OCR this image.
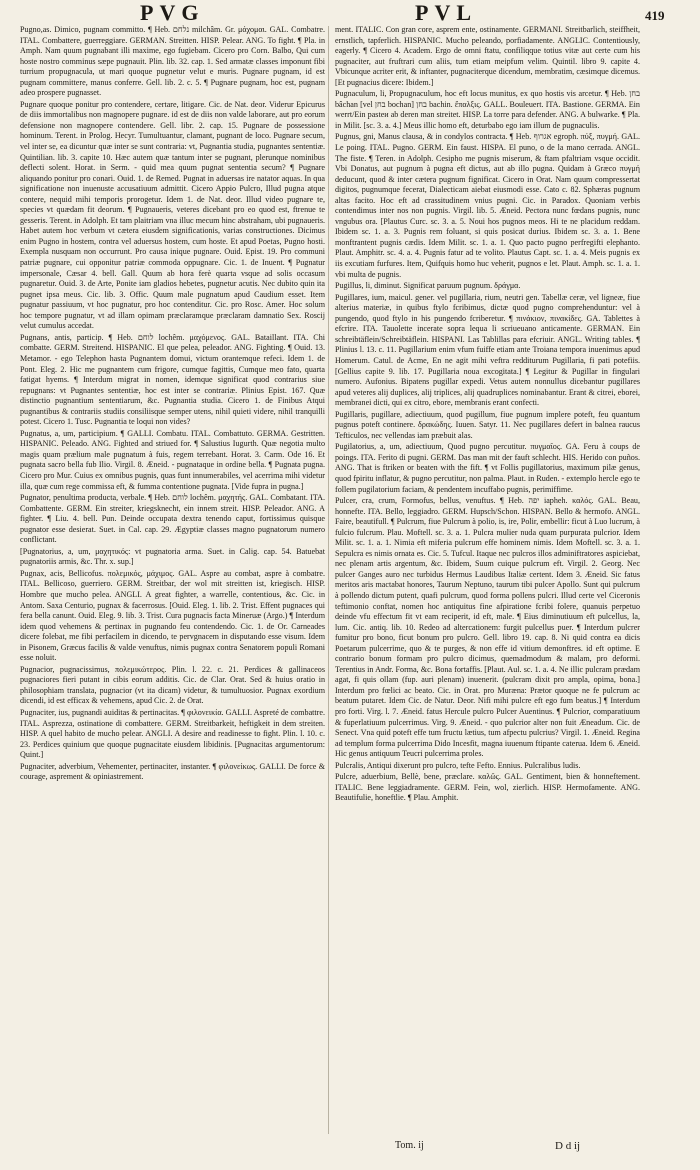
PVG	PVL	419

Pugno,as. Dimico, pugnam committo. ¶ Heb. נלחם milchâm. Gr. μάχομαι. GAL. Combatre. ITAL. Combattere, guerreggiare. GERMAN. Streitten. HISP. Pelear. ANG. To fight. ¶ Pla. in Amph. Nam quum pugnabant illi maxime, ego fugiebam. Cicero pro Corn. Balbo, Qui cum hoste nostro comminus sæpe pugnauit. Plin. lib. 32. cap. 1. Sed armatæ classes imponunt fibi turrium propugnacula, ut mari quoque pugnetur velut e muris. Pugnare pugnam, id est pugnam committere, manus conferre. Gell. lib. 2. c. 5. ¶ Pugnare pugnam, hoc est, pugnam adeo prospere pugnasset.

Pugnare quoque ponitur pro contendere, certare, litigare. Cic. de Nat. deor. Viderur Epicurus de diis immortalibus non magnopere pugnare. id est de diis non valde laborare, aut pro eorum defensione non magnopere contendere. Gell. libr. 2. cap. 15. Pugnare de possessione hominum. Terent. in Prolog. Hecyr. Tumultuantur, clamant, pugnant de loco. Pugnare secum, vel inter se, ea dicuntur quæ inter se sunt contraria: vt, Pugnantia studia, pugnantes sententiæ. Quintilian. lib. 3. capite 10. Hæc autem quæ tantum inter se pugnant, plerunque nominibus deflecti solent. Horat. in Serm. - quid mea quum pugnat sententia secum? ¶ Pugnare aliquando ponitur pro conari. Ouid. 1. de Remed. Pugnat in aduersas ire natator aquas. In qua significatione non inuenuste accusatiuum admittit. Cicero Appio Pulcro, Illud pugna atque contere, nequid mihi temporis prorogetur. Idem 1. de Nat. deor. Illud video pugnare te, species vt quædam fit deorum. ¶ Pugnaueris, veteres dicebant pro eo quod est, ftrenue te gesseris. Terent. in Adolph. Et tam plaitriam vna illuc mecum hinc abstraham, ubi pugnaueris. Habet autem hoc verbum vt cætera eiusdem significationis, varias constructiones. Dicimus enim Pugno in hostem, contra vel aduersus hostem, cum hoste. Et apud Poetas, Pugno hosti. Exempla nusquam non occurrunt. Pro causa inique pugnare. Ouid. Epist. 19. Pro communi patriæ pugnare, cui opponitur patriæ commoda oppugnare. Cic. 1. de Inuent. ¶ Pugnatur impersonale, Cæsar 4. bell. Gall. Quum ab hora ferè quarta vsque ad solis occasum pugnaretur. Ouid. 3. de Arte, Ponite iam gladios hebetes, pugnetur acutis. Nec dubito quin ita pugnet ipsa meus. Cic. lib. 3. Offic. Quum male pugnatum apud Caudium esset. Item pugnatur passiuum, vt hoc pugnatur, pro hoc contenditur. Cic. pro Rosc. Amer. Hoc solum hoc tempore pugnatur, vt ad illam opimam præclaramque præclaram damnatio Sex. Roscij velut cumulus accedat.

Pugnans, antis, particip. ¶ Heb. לוחם lochêm. μαχόμενος. GAL. Bataillant. ITA. Chi combatte. GERM. Streitend. HISPANIC. El que pelea, peleador. ANG. Fighting. ¶ Ouid. 13. Metamor. - ego Telephon hasta Pugnantem domui, victum orantemque refeci. Idem 1. de Pont. Eleg. 2. Hic me pugnantem cum frigore, cumque fagittis, Cumque meo fato, quarta fatigat hyems. ¶ Interdum migrat in nomen, idemque significat quod contrarius siue repugnans: vt Pugnantes sententiæ, hoc est inter se contrariæ. Plinius Epist. 167. Quæ distinctio pugnantium sententiarum, &c. Pugnantia studia. Cicero 1. de Finibus Atqui pugnantibus & contrariis studiis consiliisque semper utens, nihil quieti videre, nihil tranquilli potest. Cicero 1. Tusc. Pugnantia te loqui non vides?

Pugnatus, a, um, participium. ¶ GALLI. Combatu. ITAL. Combattuto. GERMA. Gestritten. HISPANIC. Peleado. ANG. Fighted and striued for. ¶ Salustius Iugurth. Quæ negotia multo magis quam prælium male pugnatum à fuis, regem terrebant. Horat. 3. Carm. Ode 16. Et pugnata sacro bella fub Ilio. Virgil. 8. Æneid. - pugnataque in ordine bella. ¶ Pugnata pugna. Cicero pro Mur. Cuius ex omnibus pugnis, quas funt innumerabiles, vel acerrima mihi videtur illa, quæ cum rege commissa eft, & fumma contentione pugnata. [Vide fupra in pugna.]

Pugnator, penultima producta, verbale. ¶ Heb. לוחם lochêm. μαχητής. GAL. Combatant. ITA. Combattente. GERM. Ein streiter, kriegsknecht, ein innem streit. HISP. Peleador. ANG. A fighter. ¶ Liu. 4. bell. Pun. Deinde occupata dextra tenendo caput, fortissimus quisque pugnator esse desierat. Suet. in Cal. cap. 29. Ægyptiæ classes magno pugnatorum numero conflictant.

[Pugnatorius, a, um, μαχητικός: vt pugnatoria arma. Suet. in Calig. cap. 54. Batuebat pugnatoriis armis, &c. Thr. x. sup.]

Pugnax, acis, Bellicofus. πολεμικός, μάχιμος. GAL. Aspre au combat, aspre à combatre. ITAL. Bellicoso, guerriero. GERM. Streitbar, der wol mit streitten ist, kriegisch. HISP. Hombre que mucho pelea. ANGLI. A great fighter, a warrelle, contentious, &c. Cic. in Antom. Saxa Centurio, pugnax & facerrosus. [Ouid. Eleg. 1. lib. 2. Trist. Effent pugnaces qui fera bella canunt. Ouid. Eleg. 9. lib. 3. Trist. Cura pugnacis facta Mineruæ (Argo.) ¶ Interdum idem quod vehemens & pertinax in pugnando feu contendendo. Cic. 1. de Or. Carneades dicere folebat, me fibi perfacilem in dicendo, te pervgnacem in disputando esse visum. Idem in Pisonem, Græcus facilis & valde venuftus, nimis pugnax contra Senatorem populi Romani esse noluit.

Pugnacior, pugnacissimus, πολεμικώτερος. Plin. l. 22. c. 21. Perdices & gallinaceos pugnaciores fieri putant in cibis eorum additis. Cic. de Clar. Orat. Sed & huius oratio in philosophiam translata, pugnacior (vt ita dicam) videtur, & tumultuosior. Pugnax exordium dicendi, id est efficax & vehemens, apud Cic. 2. de Orat.

Pugnaciter, ius, pugnandi auiditas & pertinacitas. ¶ φιλονεικία. GALLI. Aspreté de combattre. ITAL. Asprezza, ostinatione di combattere. GERM. Streitbarkeit, heftigkeit in dem streiten. HISP. A quel habito de mucho pelear. ANGLI. A desire and readinesse to fight. Plin. l. 10. c. 23. Perdices quinium que quoque pugnacitate eiusdem libidinis. [Pugnacitas argumentorum: Quint.]

Pugnaciter, adverbium, Vehementer, pertinaciter, instanter. ¶ φιλονείκως. GALLI. De force & courage, asprement & opiniastrement.

ment. ITALIC. Con gran core, asprem ente, ostinamente. GERMANI. Streitbarlich, steiffheit, ernstlich, tapferlich. HISPANIC. Mucho peleando, porfiadamente. ANGLIC. Contentiously, eagerly. ¶ Cicero 4. Academ. Ergo de omni ftatu, confiliqque totius vitæ aut certe cum his pugnaciter, aut fruftrari cum aliis, tum etiam meipfum velim. Quintil. libro 9. capite 4. Vbicunque acriter erit, & inftanter, pugnaciterque dicendum, membratim, cæsimque dicemus. [Et pugnacius dicere: Ibidem.]

Pugnaculum, li, Propugnaculum, hoc eft locus munitus, ex quo hostis vis arcetur. ¶ Heb. בחן bâchan [vel בחן bochan] בחן bachin. ἔπαλξις. GALL. Bouleuert. ITA. Bastione. GERMA. Ein werrt/Ein pasteи ab deren man streitet. HISP. La torre para defender. ANG. A bulwarke. ¶ Pla. in Milit. [sc. 3. a. 4.] Meus illic homo eft, deturbabo ego iam illum de pugnaculis.

Pugnus, gni, Manus clausa, & in condylos contracta. ¶ Heb. אגרוף egroph. πύξ, πυγμή. GAL. Le poing. ITAL. Pugno. GERM. Ein faust. HISPA. El puno, o de la mano cerrada. ANGL. The fiste. ¶ Teren. in Adolph. Cesipho me pugnis miserum, & ftam pfaltriam vsque occidit. Vbi Donatus, aut pugnum à pugna eft dictus, aut ab illo pugna. Quidam à Græco πυγμή deducunt, quod & inter cætera pugnum fignificat. Cicero in Orat. Nam quum compressertat digitos, pugnumque fecerat, Dialecticam aiebat eiusmodi esse. Cato c. 82. Sphæras pugnum altas facito. Hoc eft ad crassitudinem vnius pugni. Cic. in Paradox. Quoniam verbis contendimus inter nos non pugnis. Virgil. lib. 5. Æneid. Pectora nunc fœdans pugnis, nunc vngubus ora. [Plautus Curc. sc. 3. a. 5. Noui hos pugnos meos. Hi te ne placidum reddam. Ibidem sc. 1. a. 3. Pugnis rem foluant, si quis posicat durius. Ibidem sc. 3. a. 1. Bene monftrantent pugnis cædis. Idem Milit. sc. 1. a. 1. Quo pacto pugno perfregifti elephanto. Plaut. Amphitr. sc. 4. a. 4. Pugnis fatur ad te volito. Plautus Capt. sc. 1. a. 4. Meis pugnis ex iis excutiam furfures. Item, Quifquis homo huc veherit, pugnos e let. Plaut. Amph. sc. 1. a. 1. vbi multa de pugnis.

Pugillus, li, diminut. Significat paruum pugnum. δράγμα.

Pugillares, ium, maicul. gener. vel pugillaria, rium, neutri gen. Tabellæ ceræ, vel ligneæ, fiue alterius materiæ, in quibus ftylo fcribimus, dictæ quod pugno comprehenduntur: vel à pungendo, quod ftylo in his pungendo fcriberetur. ¶ πινάκιον, πινακίδες. GA. Tablettes à efcrire. ITA. Tauolette incerate sopra lequa li scriueuano anticamente. GERMAN. Ein schreibtäflein/Schreibtäflein. HISPANI. Las Tablillas para efcriuir. ANGL. Writing tables. ¶ Plinius l. 13. c. 11. Pugillarium enim vfum fuiffe etiam ante Troiana tempora inuenimus apud Homerum. Catul. de Acme, En ne agit mihi veftra redditurum Pugillaria, fi pati potefiis. [Gellius capite 9. lib. 17. Pugillaria noua excogitata.] ¶ Legitur & Pugillar in fingulari numero. Aufonius. Bipatens pugillar expedi. Vetus autem nonnullus dicebantur pugillares apud veteres alij duplices, alij triplices, alij quadruplices nominabantur. Erant & citrei, eborei, membranei dicti, qui ex citro, ebore, membranis erant confecti.

Pugillaris, pugillare, adiectiuum, quod pugillum, fiue pugnum implere poteft, feu quantum pugnus poteft continere. δρακώδης. Iuuen. Satyr. 11. Nec pugillares defert in balnea raucus Tefticulos, nec vellendas iam præbuit alas.

Pugilatorius, a, um, adiectiuum, Quod pugno percutitur. πυγμαῖος. GA. Feru à coups de poings. ITA. Ferito di pugni. GERM. Das man mit der fauft schlecht. HIS. Herido con puños. ANG. That is ftriken or beaten with the fift. ¶ vt Follis pugillatorius, maximum pilæ genus, quod fpiritu inflatur, & pugno percutitur, non palma. Plaut. in Ruden. - extemplo hercle ego te follem pugilatorium faciam, & pendentem incuffabo pugnis, perimiffime.

Pulcer, cra, crum, Formofus, bellus, venuftus. ¶ Heb. יפה iapheh. καλός. GAL. Beau, honnefte. ITA. Bello, leggiadro. GERM. Hupsch/Schon. HISPAN. Bello & hermofo. ANGL. Faire, beautifull. ¶ Pulcrum, fiue Pulcrum à polio, is, ire, Polir, embellir: ficut à Luo lucrum, à fulcio fulcrum. Plau. Moftell. sc. 3. a. 1. Pulcra mulier nuda quam purpurata pulcrior. Idem Milit. sc. 1. a. 1. Nimia eft miferia pulcrum effe hominem nimis. Idem Moftell. sc. 3. a. 1. Sepulcra es nimis ornata es. Cic. 5. Tufcul. Itaque nec pulcros illos adminiftratores aspiciebat, nec plenam artis argentum, &c. Ibidem, Suum cuique pulcrum eft. Virgil. 2. Georg. Nec pulcer Ganges auro nec turbidus Hermus Laudibus Italiæ certent. Idem 3. Æneid. Sic fatus meritos aris mactabat honores, Taurum Neptuno, taurum tibi pulcer Apollo. Sunt qui pulcrum à pollendo dictum putent, quafi pulcrum, quod forma pollens pulcri. Illud certe vel Ciceronis teftimonio conftat, nomen hoc antiquitus fine afpiratione fcribi folere, quanuis perpetuo deinde vfu effectum fit vt eam reciperit, id eft, male. ¶ Eius diminutiuum eft pulcellus, la, lum. Cic. antiq. lib. 10. Redeo ad altercationem: furgit pulcellus puer. ¶ Interdum pulcrer fumitur pro bono, ficut bonum pro pulcro. Gell. libro 19. cap. 8. Ni quid contra ea dicis Poetarum pulcerrime, quo & te purges, & non effe id vitium demonftres. id eft optime. E contrario bonum formam pro pulcro dicimus, quemadmodum & malam, pro deformi. Terentius in Andr. Forma, &c. Bona fortaffis. [Plaut. Aul. sc. 1. a. 4. Ne illic pulcram prædam agat, fi quis ollam (fup. auri plenam) inuenerit. (pulcram dixit pro ampla, opima, bona.] Interdum pro fœlici ac beato. Cic. in Orat. pro Muræna: Prætor quoque ne fe pulcrum ac beatum putaret. Idem Cic. de Natur. Deor. Nifi mihi pulcre eft ego fum beatus.] ¶ Interdum pro forti. Virg. l. 7. Æneid. fatus Hercule pulcro Pulcer Auentinus. ¶ Pulcrior, comparatiuum & fuperlatiuum pulcerrimus. Virg. 9. Æneid. - quo pulcrior alter non fuit Æneadum. Cic. de Senect. Vna quid poteft effe tum fructu lætius, tum afpectu pulcrius? Virgil. 1. Æneid. Regina ad templum forma pulcerrima Dido Incesfit, magna iuuenum ftipante caterua. Idem 6. Æneid. Hic genus antiquum Teucri pulcerrima proles.

Pulcralis, Antiqui dixerunt pro pulcro, tefte Fefto. Ennius. Pulcralibus ludis.

Pulcre, aduerbium, Bellè, bene, præclare. καλῶς. GAL. Gentiment, bien & honneftement. ITALIC. Bene leggiadramente. GERM. Fein, wol, zierlich. HISP. Hermofamente. ANG. Beautifulie, honeftlie. ¶ Plau. Amphit.

Tom. ij	D d ij
